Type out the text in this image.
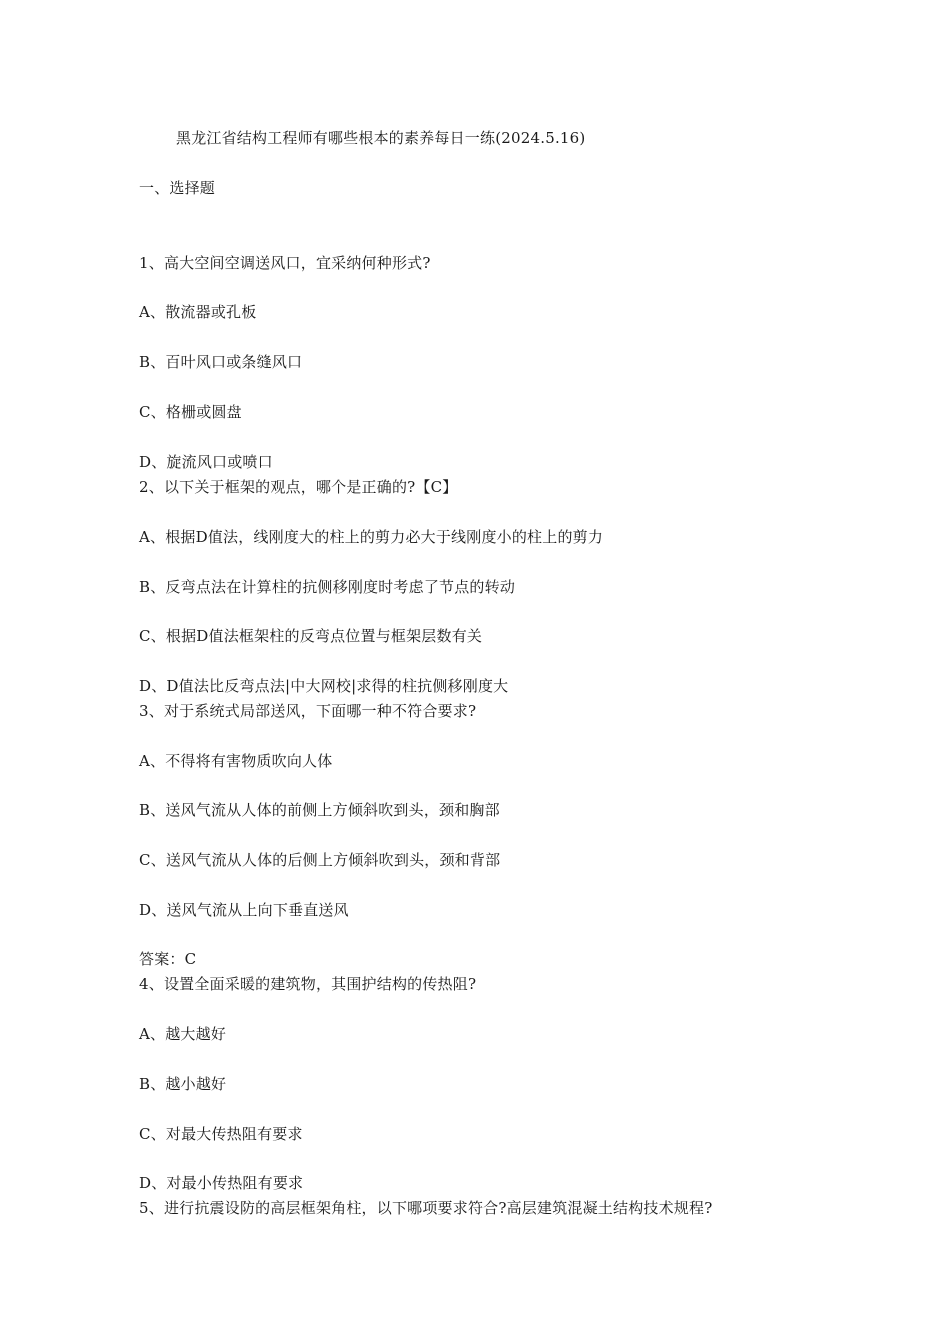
黑龙江省结构工程师有哪些根本的素养每日一练(2024.5.16)
一、选择题
1、高大空间空调送风口，宜采纳何种形式?
A、散流器或孔板
B、百叶风口或条缝风口
C、格栅或圆盘
D、旋流风口或喷口
2、以下关于框架的观点，哪个是正确的?【C】
A、根据D值法，线刚度大的柱上的剪力必大于线刚度小的柱上的剪力
B、反弯点法在计算柱的抗侧移刚度时考虑了节点的转动
C、根据D值法框架柱的反弯点位置与框架层数有关
D、D值法比反弯点法|中大网校|求得的柱抗侧移刚度大
3、对于系统式局部送风，下面哪一种不符合要求?
A、不得将有害物质吹向人体
B、送风气流从人体的前侧上方倾斜吹到头，颈和胸部
C、送风气流从人体的后侧上方倾斜吹到头，颈和背部
D、送风气流从上向下垂直送风
答案：C
4、设置全面采暖的建筑物，其围护结构的传热阻?
A、越大越好
B、越小越好
C、对最大传热阻有要求
D、对最小传热阻有要求
5、进行抗震设防的高层框架角柱，以下哪项要求符合?高层建筑混凝土结构技术规程?
